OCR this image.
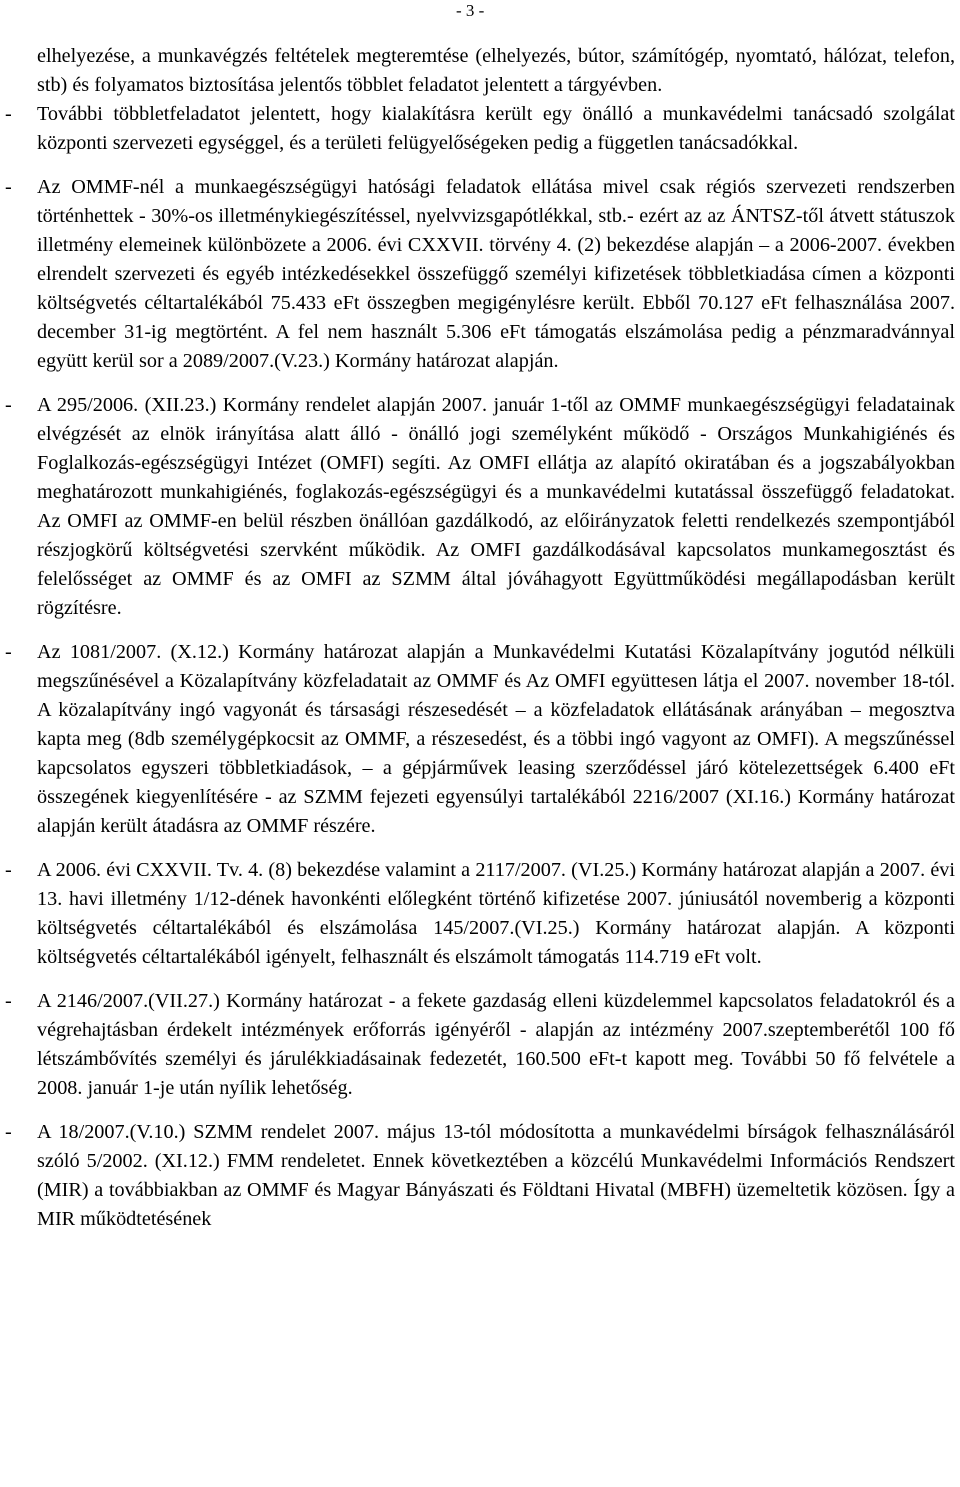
- 3 -

elhelyezése, a munkavégzés feltételek megteremtése (elhelyezés, bútor, számítógép, nyomtató, hálózat, telefon, stb) és folyamatos biztosítása jelentős többlet feladatot jelentett a tárgyévben.

- További többletfeladatot jelentett, hogy kialakításra került egy önálló a munkavédelmi tanácsadó szolgálat központi szervezeti egységgel, és a területi felügyelőségeken pedig a független tanácsadókkal.
- Az OMMF-nél a munkaegészségügyi hatósági feladatok ellátása mivel csak régiós szervezeti rendszerben történhettek - 30%-os illetménykiegészítéssel, nyelvvizsgapótlékkal, stb.- ezért az az ÁNTSZ-től átvett státuszok illetmény elemeinek különbözete a 2006. évi CXXVII. törvény 4. (2) bekezdése alapján – a 2006-2007. években elrendelt szervezeti és egyéb intézkedésekkel összefüggő személyi kifizetések többletkiadása címen a központi költségvetés céltartalékából 75.433 eFt összegben megigénylésre került. Ebből 70.127 eFt felhasználása 2007. december 31-ig megtörtént. A fel nem használt 5.306 eFt támogatás elszámolása pedig a pénzmaradvánnyal együtt kerül sor a 2089/2007.(V.23.) Kormány határozat alapján.
- A 295/2006. (XII.23.) Kormány rendelet alapján 2007. január 1-től az OMMF munkaegészségügyi feladatainak elvégzését az elnök irányítása alatt álló - önálló jogi személyként működő - Országos Munkahigiénés és Foglalkozás-egészségügyi Intézet (OMFI) segíti. Az OMFI ellátja az alapító okiratában és a jogszabályokban meghatározott munkahigiénés, foglakozás-egészségügyi és a munkavédelmi kutatással összefüggő feladatokat. Az OMFI az OMMF-en belül részben önállóan gazdálkodó, az előirányzatok feletti rendelkezés szempontjából részjogkörű költségvetési szervként működik. Az OMFI gazdálkodásával kapcsolatos munkamegosztást és felelősséget az OMMF és az OMFI az SZMM által jóváhagyott Együttműködési megállapodásban került rögzítésre.
- Az 1081/2007. (X.12.) Kormány határozat alapján a Munkavédelmi Kutatási Közalapítvány jogutód nélküli megszűnésével a Közalapítvány közfeladatait az OMMF és Az OMFI együttesen látja el 2007. november 18-tól. A közalapítvány ingó vagyonát és társasági részesedését – a közfeladatok ellátásának arányában – megosztva kapta meg (8db személygépkocsit az OMMF, a részesedést, és a többi ingó vagyont az OMFI). A megszűnéssel kapcsolatos egyszeri többletkiadások, – a gépjárművek leasing szerződéssel járó kötelezettségek 6.400 eFt összegének kiegyenlítésére - az SZMM fejezeti egyensúlyi tartalékából 2216/2007 (XI.16.) Kormány határozat alapján került átadásra az OMMF részére.
- A 2006. évi CXXVII. Tv. 4. (8) bekezdése valamint a 2117/2007. (VI.25.) Kormány határozat alapján a 2007. évi 13. havi illetmény 1/12-dének havonkénti előlegként történő kifizetése 2007. júniusától novemberig a központi költségvetés céltartalékából és elszámolása 145/2007.(VI.25.) Kormány határozat alapján. A központi költségvetés céltartalékából igényelt, felhasznált és elszámolt támogatás 114.719 eFt volt.
- A 2146/2007.(VII.27.) Kormány határozat - a fekete gazdaság elleni küzdelemmel kapcsolatos feladatokról és a végrehajtásban érdekelt intézmények erőforrás igényéről - alapján az intézmény 2007.szeptemberétől 100 fő létszámbővítés személyi és járulékkiadásainak fedezetét, 160.500 eFt-t kapott meg. További 50 fő felvétele a 2008. január 1-je után nyílik lehetőség.
- A 18/2007.(V.10.) SZMM rendelet 2007. május 13-tól módosította a munkavédelmi bírságok felhasználásáról szóló 5/2002. (XI.12.) FMM rendeletet. Ennek következtében a közcélú Munkavédelmi Információs Rendszert (MIR) a továbbiakban az OMMF és Magyar Bányászati és Földtani Hivatal (MBFH) üzemeltetik közösen. Így a MIR működtetésének
